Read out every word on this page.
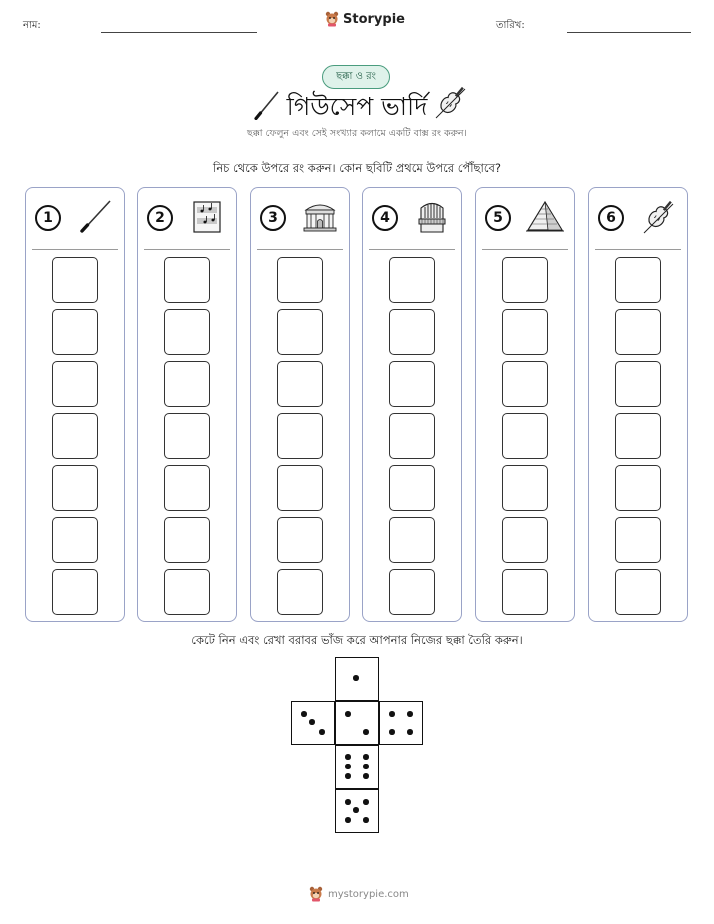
নাম:	Storypie	তারিখ:
ছক্কা ও রং
গিউসেপ ভার্দি
ছক্কা ফেলুন এবং সেই সংখ্যার কলামে একটি বাক্স রং করুন।
নিচ থেকে উপরে রং করুন। কোন ছবিটি প্রথমে উপরে পৌঁছাবে?
1	2	3	4	5	6
কেটে নিন এবং রেখা বরাবর ভাঁজ করে আপনার নিজের ছক্কা তৈরি করুন।
mystorypie.com
